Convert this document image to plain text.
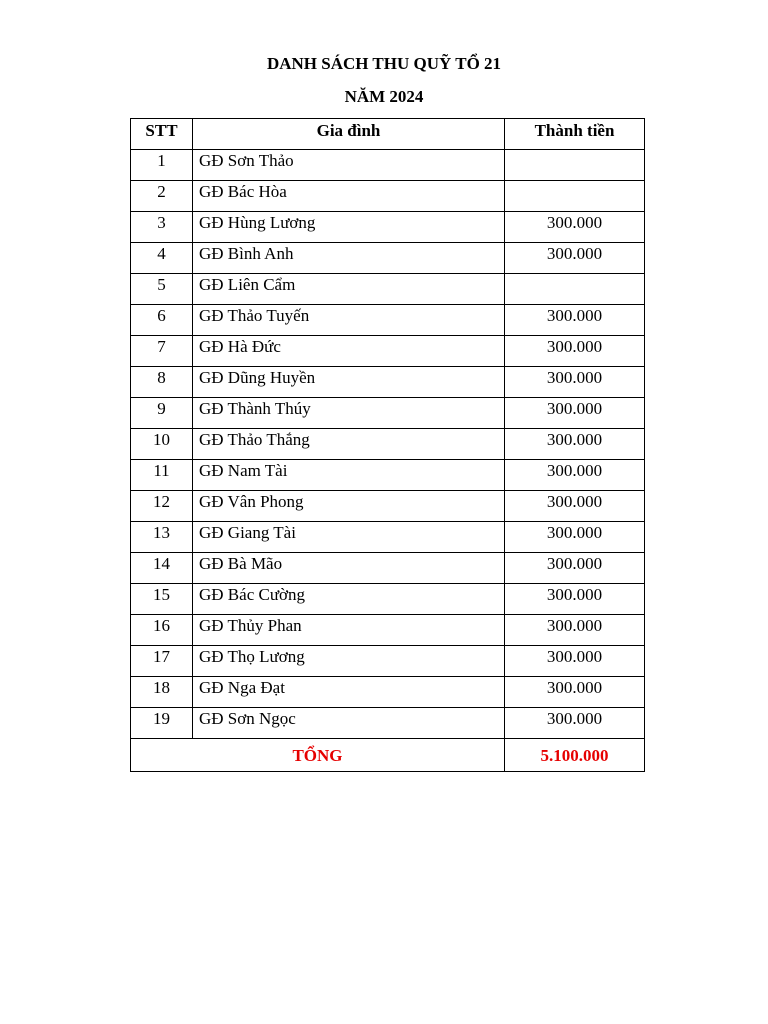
DANH SÁCH THU QUỸ TỔ 21
NĂM 2024
STT	Gia đình	Thành tiền
1	GĐ Sơn Thảo	
2	GĐ Bác Hòa	
3	GĐ Hùng Lương	300.000
4	GĐ Bình Anh	300.000
5	GĐ Liên Cẩm	
6	GĐ Thảo Tuyến	300.000
7	GĐ Hà Đức	300.000
8	GĐ Dũng Huyền	300.000
9	GĐ Thành Thúy	300.000
10	GĐ Thảo Thắng	300.000
11	GĐ Nam Tài	300.000
12	GĐ Vân Phong	300.000
13	GĐ Giang Tài	300.000
14	GĐ Bà Mão	300.000
15	GĐ Bác Cường	300.000
16	GĐ Thủy Phan	300.000
17	GĐ Thọ Lương	300.000
18	GĐ Nga Đạt	300.000
19	GĐ Sơn Ngọc	300.000
TỔNG		5.100.000
